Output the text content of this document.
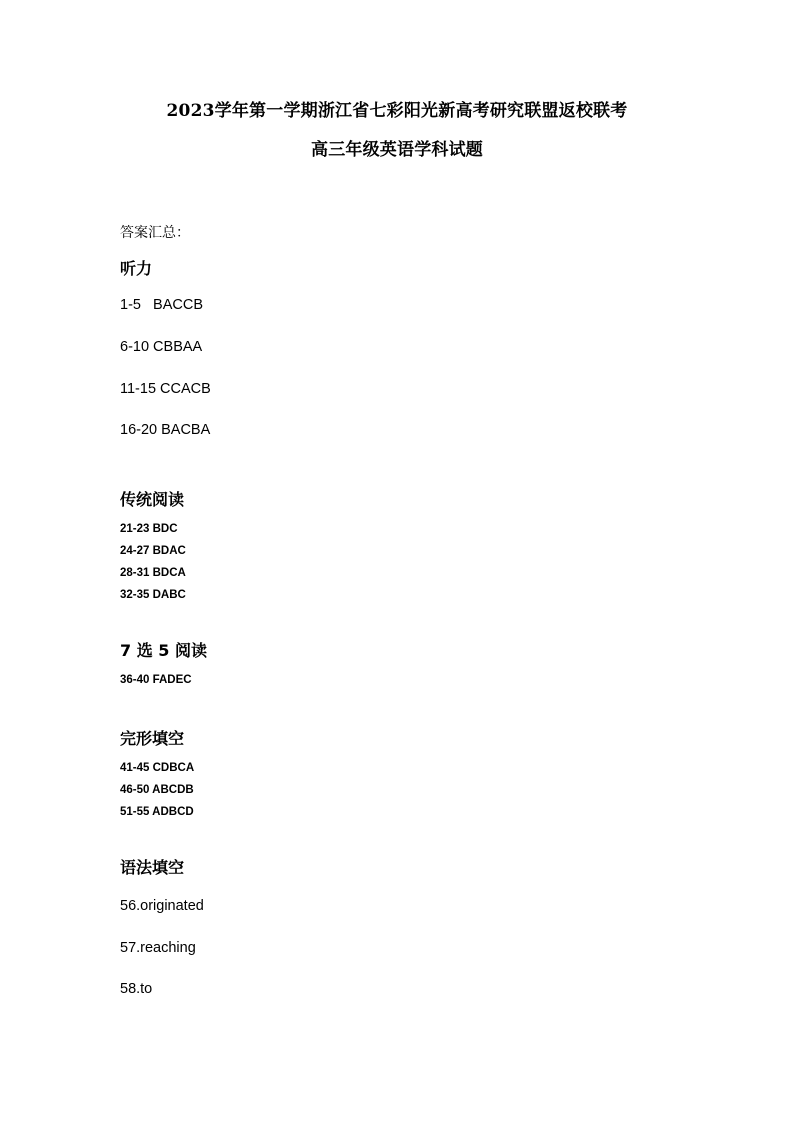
2023学年第一学期浙江省七彩阳光新高考研究联盟返校联考
高三年级英语学科试题
答案汇总：
听力
1-5   BACCB
6-10 CBBAA
11-15 CCACB
16-20 BACBA
传统阅读
21-23 BDC
24-27 BDAC
28-31 BDCA
32-35 DABC
7 选 5 阅读
36-40 FADEC
完形填空
41-45 CDBCA
46-50 ABCDB
51-55 ADBCD
语法填空
56.originated
57.reaching
58.to
